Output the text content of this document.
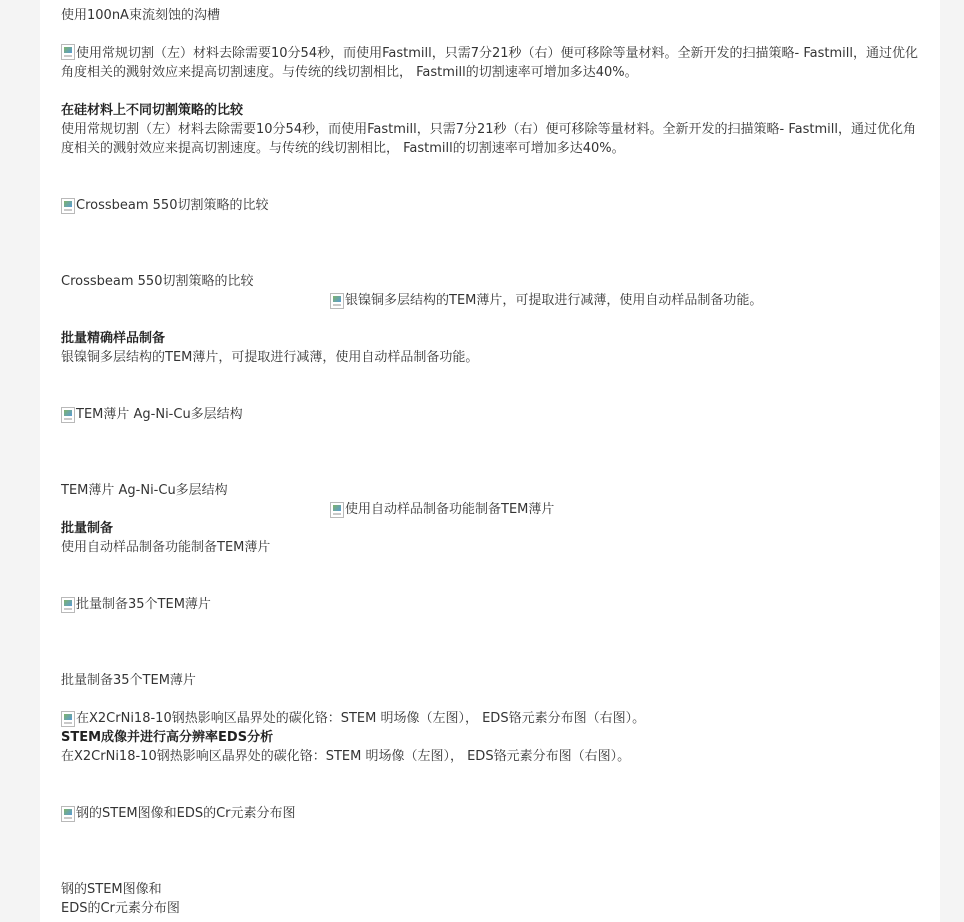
使用100nA束流刻蚀的沟槽
使用常规切割（左）材料去除需要10分54秒，而使用Fastmill，只需7分21秒（右）便可移除等量材料。全新开发的扫描策略- Fastmill，通过优化角度相关的溅射效应来提高切割速度。与传统的线切割相比， Fastmill的切割速率可增加多达40%。
在硅材料上不同切割策略的比较
使用常规切割（左）材料去除需要10分54秒，而使用Fastmill，只需7分21秒（右）便可移除等量材料。全新开发的扫描策略- Fastmill，通过优化角度相关的溅射效应来提高切割速度。与传统的线切割相比， Fastmill的切割速率可增加多达40%。
Crossbeam 550切割策略的比较
Crossbeam 550切割策略的比较
银镍铜多层结构的TEM薄片，可提取进行减薄，使用自动样品制备功能。
批量精确样品制备
银镍铜多层结构的TEM薄片，可提取进行减薄，使用自动样品制备功能。
TEM薄片 Ag-Ni-Cu多层结构
TEM薄片 Ag-Ni-Cu多层结构
使用自动样品制备功能制备TEM薄片
批量制备
使用自动样品制备功能制备TEM薄片
批量制备35个TEM薄片
批量制备35个TEM薄片
在X2CrNi18-10钢热影响区晶界处的碳化铬：STEM 明场像（左图）， EDS铬元素分布图（右图）。
STEM成像并进行高分辨率EDS分析
在X2CrNi18-10钢热影响区晶界处的碳化铬：STEM 明场像（左图）， EDS铬元素分布图（右图）。
钢的STEM图像和EDS的Cr元素分布图
钢的STEM图像和
EDS的Cr元素分布图
